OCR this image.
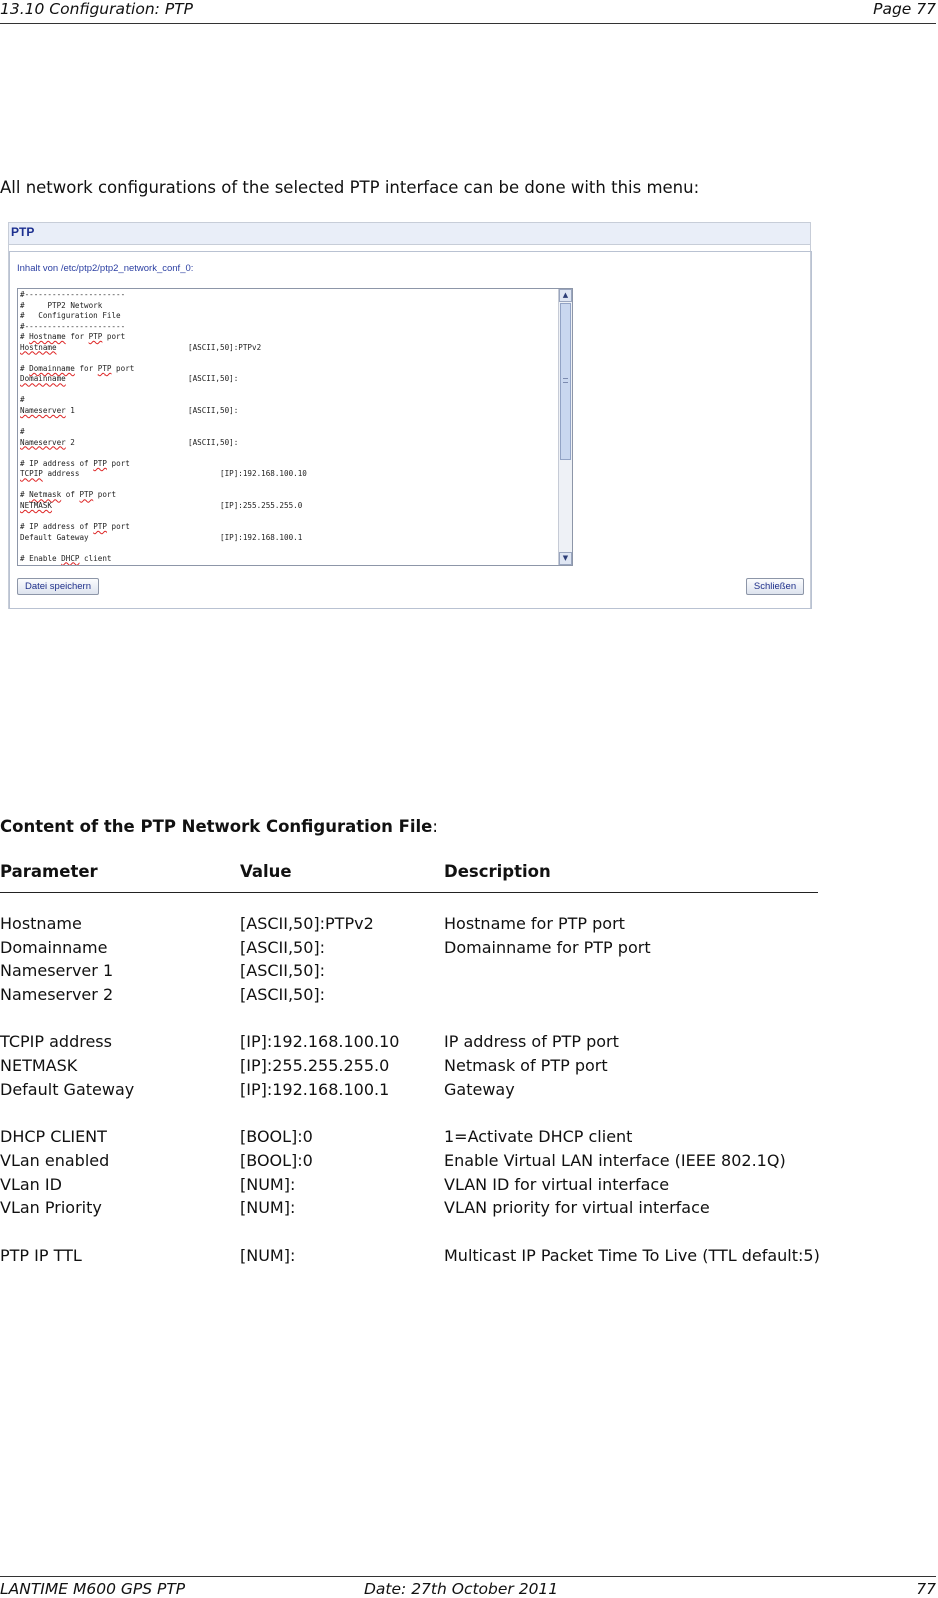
13.10 Configuration: PTP	Page 77
All network configurations of the selected PTP interface can be done with this menu:
PTP
Inhalt von /etc/ptp2/ptp2_network_conf_0:
#----------------------
#	PTP2 Network
# Configuration File
#----------------------
# Hostname for PTP port
Hostname	[ASCII,50]:PTPv2
# Domainname for PTP port
Domainname	[ASCII,50]:
#
Nameserver 1	[ASCII,50]:
#
Nameserver 2	[ASCII,50]:
# IP address of PTP port
TCPIP address	[IP]:192.168.100.10
# Netmask of PTP port
NETMASK	[IP]:255.255.255.0
# IP address of PTP port
Default Gateway	[IP]:192.168.100.1
# Enable DHCP client
▲
▼
Datei speichern	Schließen
Content of the PTP Network Configuration File:
Parameter	Value	Description
Hostname	[ASCII,50]:PTPv2	Hostname for PTP port
Domainname	[ASCII,50]:	Domainname for PTP port
Nameserver 1	[ASCII,50]:
Nameserver 2	[ASCII,50]:
TCPIP address	[IP]:192.168.100.10	IP address of PTP port
NETMASK	[IP]:255.255.255.0	Netmask of PTP port
Default Gateway	[IP]:192.168.100.1	Gateway
DHCP CLIENT	[BOOL]:0	1=Activate DHCP client
VLan enabled	[BOOL]:0	Enable Virtual LAN interface (IEEE 802.1Q)
VLan ID	[NUM]:	VLAN ID for virtual interface
VLan Priority	[NUM]:	VLAN priority for virtual interface
PTP IP TTL	[NUM]:	Multicast IP Packet Time To Live (TTL default:5)
LANTIME M600 GPS PTP	Date: 27th October 2011	77
